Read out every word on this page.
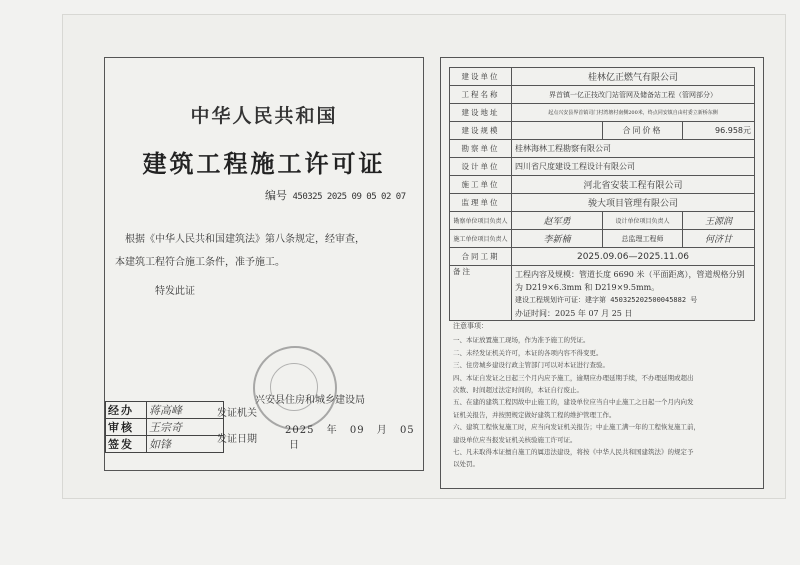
中华人民共和国
建筑工程施工许可证
编号 450325 2025 09 05 02 07
根据《中华人民共和国建筑法》第八条规定，经审查，
本建筑工程符合施工条件，准予施工。
特发此证
兴安县住房和城乡建设局
经办	蒋高峰
审核	王宗奇
签发	如锋
发证机关
发证日期
2025 年 09 月 05 日
建设单位	桂林亿正燃气有限公司		
工程名称	界首镇一亿正技改门站管网及储备站工程（管网部分）		
建设地址	起点兴安县界首镇司门村湾塘村南侧200米，终点同安镇自由村委立新桥东侧		
建设规模		合同价格	96.958元
勘察单位	桂林海林工程勘察有限公司		
设计单位	四川省尺度建设工程设计有限公司		
施工单位	河北省安装工程有限公司		
监理单位	骏大项目管理有限公司		
勘察单位项目负责人	赵军勇	设计单位项目负责人	王源润
施工单位项目负责人	李新楠	总监理工程师	何济甘
合同工期	2025.09.06—2025.11.06		
备注	工程内容及规模：管道长度 6690 米（平面距离），管道规格分别
为 D219×6.3mm 和 D219×9.5mm。
建设工程规划许可证：建字第 450325202500045882 号
办证时间：2025 年 07 月 25 日		
注意事项：

一、本证放置施工现场，作为准予施工的凭证。

二、未经发证机关许可，本证的各项内容不得变更。

三、住房城乡建设行政主管部门可以对本证进行查验。

四、本证自发证之日起三个月内应予施工，逾期应办理延期手续，不办理延期或超出

次数、时间超过法定时间的，本证自行废止。

五、在建的建筑工程因故中止施工的，建设单位应当自中止施工之日起一个月内向发

证机关报告，并按照规定做好建筑工程的维护管理工作。

六、建筑工程恢复施工时，应当向发证机关报告；中止施工满一年的工程恢复施工前，

建设单位应当报发证机关核验施工许可证。

七、凡未取得本证擅自施工的属违法建设，将按《中华人民共和国建筑法》的规定予

以处罚。
